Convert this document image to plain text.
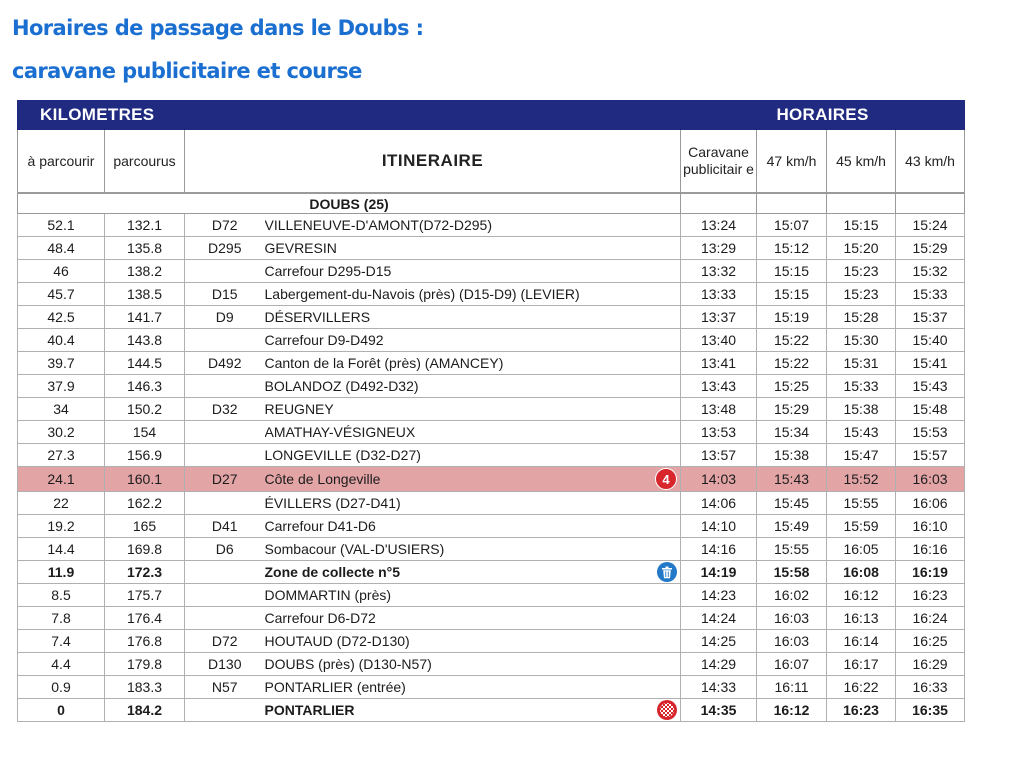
Horaires de passage dans le Doubs :
caravane publicitaire et course
KILOMETRES				HORAIRES			
à parcourir	parcourus	ITINERAIRE		Caravane publicitair e	47 km/h	45 km/h	43 km/h
DOUBS (25)							
52.1	132.1	D72	VILLENEUVE-D'AMONT(D72-D295)	13:24	15:07	15:15	15:24
48.4	135.8	D295	GEVRESIN	13:29	15:12	15:20	15:29
46	138.2		Carrefour D295-D15	13:32	15:15	15:23	15:32
45.7	138.5	D15	Labergement-du-Navois (près) (D15-D9) (LEVIER)	13:33	15:15	15:23	15:33
42.5	141.7	D9	DÉSERVILLERS	13:37	15:19	15:28	15:37
40.4	143.8		Carrefour D9-D492	13:40	15:22	15:30	15:40
39.7	144.5	D492	Canton de la Forêt (près) (AMANCEY)	13:41	15:22	15:31	15:41
37.9	146.3		BOLANDOZ (D492-D32)	13:43	15:25	15:33	15:43
34	150.2	D32	REUGNEY	13:48	15:29	15:38	15:48
30.2	154		AMATHAY-VÉSIGNEUX	13:53	15:34	15:43	15:53
27.3	156.9		LONGEVILLE (D32-D27)	13:57	15:38	15:47	15:57
24.1	160.1	D27	Côte de Longeville 4	14:03	15:43	15:52	16:03
22	162.2		ÉVILLERS (D27-D41)	14:06	15:45	15:55	16:06
19.2	165	D41	Carrefour D41-D6	14:10	15:49	15:59	16:10
14.4	169.8	D6	Sombacour (VAL-D'USIERS)	14:16	15:55	16:05	16:16
11.9	172.3		Zone de collecte n°5	14:19	15:58	16:08	16:19
8.5	175.7		DOMMARTIN (près)	14:23	16:02	16:12	16:23
7.8	176.4		Carrefour D6-D72	14:24	16:03	16:13	16:24
7.4	176.8	D72	HOUTAUD (D72-D130)	14:25	16:03	16:14	16:25
4.4	179.8	D130	DOUBS (près) (D130-N57)	14:29	16:07	16:17	16:29
0.9	183.3	N57	PONTARLIER (entrée)	14:33	16:11	16:22	16:33
0	184.2		PONTARLIER	14:35	16:12	16:23	16:35
